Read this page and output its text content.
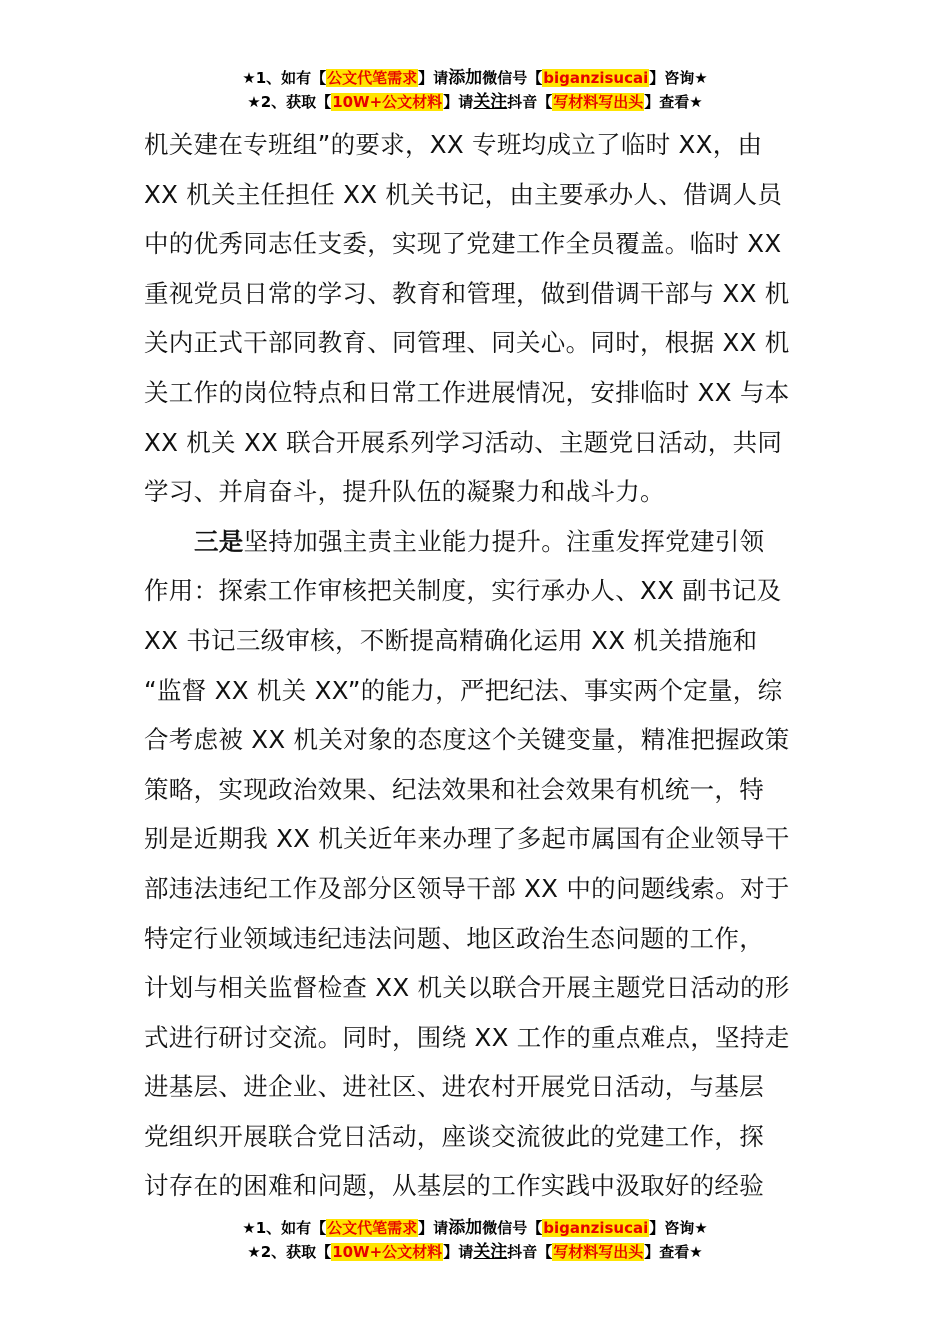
★1、如有【公文代笔需求】请添加微信号【biganzisucai】咨询★
★2、获取【10W+公文材料】请关注抖音【写材料写出头】查看★
机关建在专班组”的要求，XX 专班均成立了临时 XX，由
XX 机关主任担任 XX 机关书记，由主要承办人、借调人员
中的优秀同志任支委，实现了党建工作全员覆盖。临时 XX
重视党员日常的学习、教育和管理，做到借调干部与 XX 机
关内正式干部同教育、同管理、同关心。同时，根据 XX 机
关工作的岗位特点和日常工作进展情况，安排临时 XX 与本
XX 机关 XX 联合开展系列学习活动、主题党日活动，共同
学习、并肩奋斗，提升队伍的凝聚力和战斗力。
三是坚持加强主责主业能力提升。注重发挥党建引领
作用：探索工作审核把关制度，实行承办人、XX 副书记及
XX 书记三级审核，不断提高精确化运用 XX 机关措施和
“监督 XX 机关 XX”的能力，严把纪法、事实两个定量，综
合考虑被 XX 机关对象的态度这个关键变量，精准把握政策
策略，实现政治效果、纪法效果和社会效果有机统一，特
别是近期我 XX 机关近年来办理了多起市属国有企业领导干
部违法违纪工作及部分区领导干部 XX 中的问题线索。对于
特定行业领域违纪违法问题、地区政治生态问题的工作，
计划与相关监督检查 XX 机关以联合开展主题党日活动的形
式进行研讨交流。同时，围绕 XX 工作的重点难点，坚持走
进基层、进企业、进社区、进农村开展党日活动，与基层
党组织开展联合党日活动，座谈交流彼此的党建工作，探
讨存在的困难和问题，从基层的工作实践中汲取好的经验
★1、如有【公文代笔需求】请添加微信号【biganzisucai】咨询★
★2、获取【10W+公文材料】请关注抖音【写材料写出头】查看★
